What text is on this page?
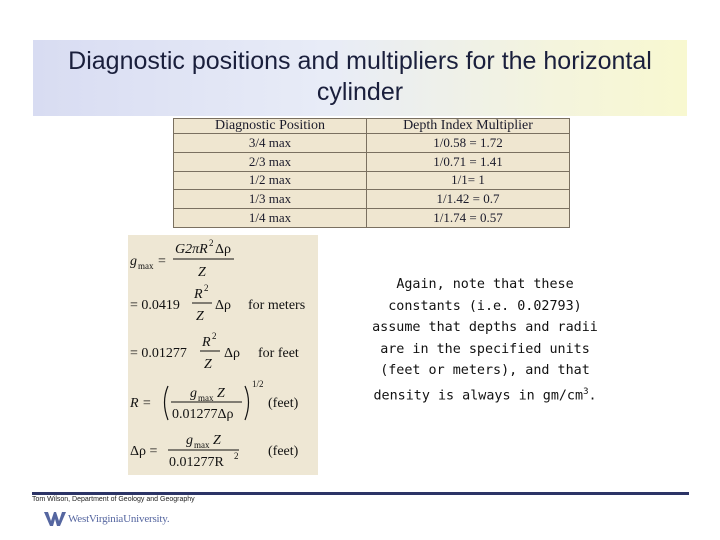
Diagnostic positions and multipliers for the horizontal cylinder
Diagnostic Position	Depth Index Multiplier
3/4 max	1/0.58 = 1.72
2/3 max	1/0.71 = 1.41
1/2 max	1/1= 1
1/3 max	1/1.42 = 0.7
1/4 max	1/1.74 = 0.57
g max =
G2πR 2 Δρ
Z
= 0.0419
R 2
Z
Δρ for meters
= 0.01277
R 2
Z
Δρ for feet
R =
g max Z
0.01277Δρ
1/2
(feet)
Δρ =
g max Z
0.01277R 2 (feet)
Again, note that these
constants (i.e. 0.02793)
assume that depths and radii
are in the specified units
(feet or meters), and that
density is always in $gm/cm^3$.
Tom Wilson, Department of Geology and Geography
WestVirginiaUniversity.
